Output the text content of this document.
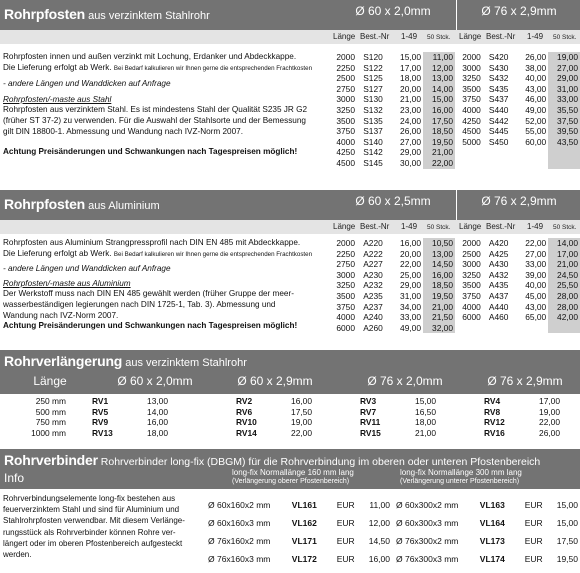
Rohrpfosten aus verzinktem Stahlrohr	Ø 60 x 2,0mm	Ø 76 x 2,9mm
Länge Best.-Nr 1-49 50 Stck. Länge Best.-Nr 1-49 50 Stck.

Rohrpfosten innen und außen verzinkt mit Lochung, Erdanker und Abdeckkappe.

Die Lieferung erfolgt ab Werk. Bei Bedarf kalkulieren wir Ihnen gerne die entsprechenden Frachtkosten

- andere Längen und Wanddicken auf Anfrage

Rohrpfosten/-maste aus Stahl

Rohrpfosten aus verzinktem Stahl. Es ist mindestens Stahl der Qualität S235 JR G2

(früher ST 37-2) zu verwenden. Für die Auswahl der Stahlsorte und der Bemessung

gilt DIN 18800-1. Abmessung und Wandung nach IVZ-Norm 2007.

Achtung Preisänderungen und Schwankungen nach Tagespreisen möglich!

2000	S120	15,00	11,00
2250	S122	17,00	12,00
2500	S125	18,00	13,00
2750	S127	20,00	14,00
3000	S130	21,00	15,00
3250	S132	23,00	16,00
3500	S135	24,00	17,50
3750	S137	26,00	18,50
4000	S140	27,00	19,50
4250	S142	29,00	21,00
4500	S145	30,00	22,00
2000	S420	26,00	19,00
3000	S430	38,00	27,00
3250	S432	40,00	29,00
3500	S435	43,00	31,00
3750	S437	46,00	33,00
4000	S440	49,00	35,50
4250	S442	52,00	37,50
4500	S445	55,00	39,50
5000	S450	60,00	43,50

Rohrpfosten aus Aluminium	Ø 60 x 2,5mm	Ø 76 x 2,9mm
Länge Best.-Nr 1-49 50 Stck. Länge Best.-Nr 1-49 50 Stck.

Rohrpfosten aus Aluminium Strangpressprofil nach DIN EN 485 mit Abdeckkappe.

Die Lieferung erfolgt ab Werk. Bei Bedarf kalkulieren wir Ihnen gerne die entsprechenden Frachtkosten

- andere Längen und Wanddicken auf Anfrage

Rohrpfosten/-maste aus Aluminium

Der Werkstoff muss nach DIN EN 485 gewählt werden (früher Gruppe der meer-

wasserbeständigen legierungen nach DIN 1725-1, Tab. 3). Abmessung und

Wandung nach IVZ-Norm 2007.

Achtung Preisänderungen und Schwankungen nach Tagespreisen möglich!

2000	A220	16,00	10,50
2250	A222	20,00	13,00
2750	A227	22,00	14,50
3000	A230	25,00	16,00
3250	A232	29,00	18,50
3500	A235	31,00	19,50
3750	A237	34,00	21,00
4000	A240	33,00	21,50
6000	A260	49,00	32,00
2000	A420	22,00	14,00
2500	A425	27,00	17,00
3000	A430	33,00	21,00
3250	A432	39,00	24,50
3500	A435	40,00	25,50
3750	A437	45,00	28,00
4000	A440	43,00	28,00
6000	A460	65,00	42,00

Rohrverlängerung aus verzinktem Stahlrohr
Länge	Ø 60 x 2,0mm	Ø 60 x 2,9mm	Ø 76 x 2,0mm	Ø 76 x 2,9mm
250 mm	RV1	13,00	RV2	16,00	RV3	15,00	RV4	17,00
500 mm	RV5	14,00	RV6	17,50	RV7	16,50	RV8	19,00
750 mm	RV9	16,00	RV10	19,00	RV11	18,00	RV12	22,00
1000 mm	RV13	18,00	RV14	22,00	RV15	21,00	RV16	26,00
Rohrverbinder Rohrverbinder long-fix (DBGM) für die Rohrverbindung im oberen oder unteren Pfostenbereich
Info	long-fix Normallänge 160 mm lang
(Verlängerung oberer Pfostenbereich)
long-fix Normallänge 300 mm lang
(Verlängerung unterer Pfostenbereich)

Rohrverbindungselemente long-fix bestehen aus

feuerverzinktem Stahl und sind für Aluminium und

Stahlrohrpfosten verwendbar. Mit diesem Verlänge-

rungsstück als Rohrverbinder können Rohre ver-

längert oder im oberen Pfostenbereich aufgesteckt

werden.

Ø 60x160x2 mm	VL161	EUR	11,00
Ø 60x160x3 mm	VL162	EUR	12,00
Ø 76x160x2 mm	VL171	EUR	14,50
Ø 76x160x3 mm	VL172	EUR	16,00
Ø 60x300x2 mm	VL163	EUR	15,00
Ø 60x300x3 mm	VL164	EUR	15,00
Ø 76x300x2 mm	VL173	EUR	17,50
Ø 76x300x3 mm	VL174	EUR	19,50
